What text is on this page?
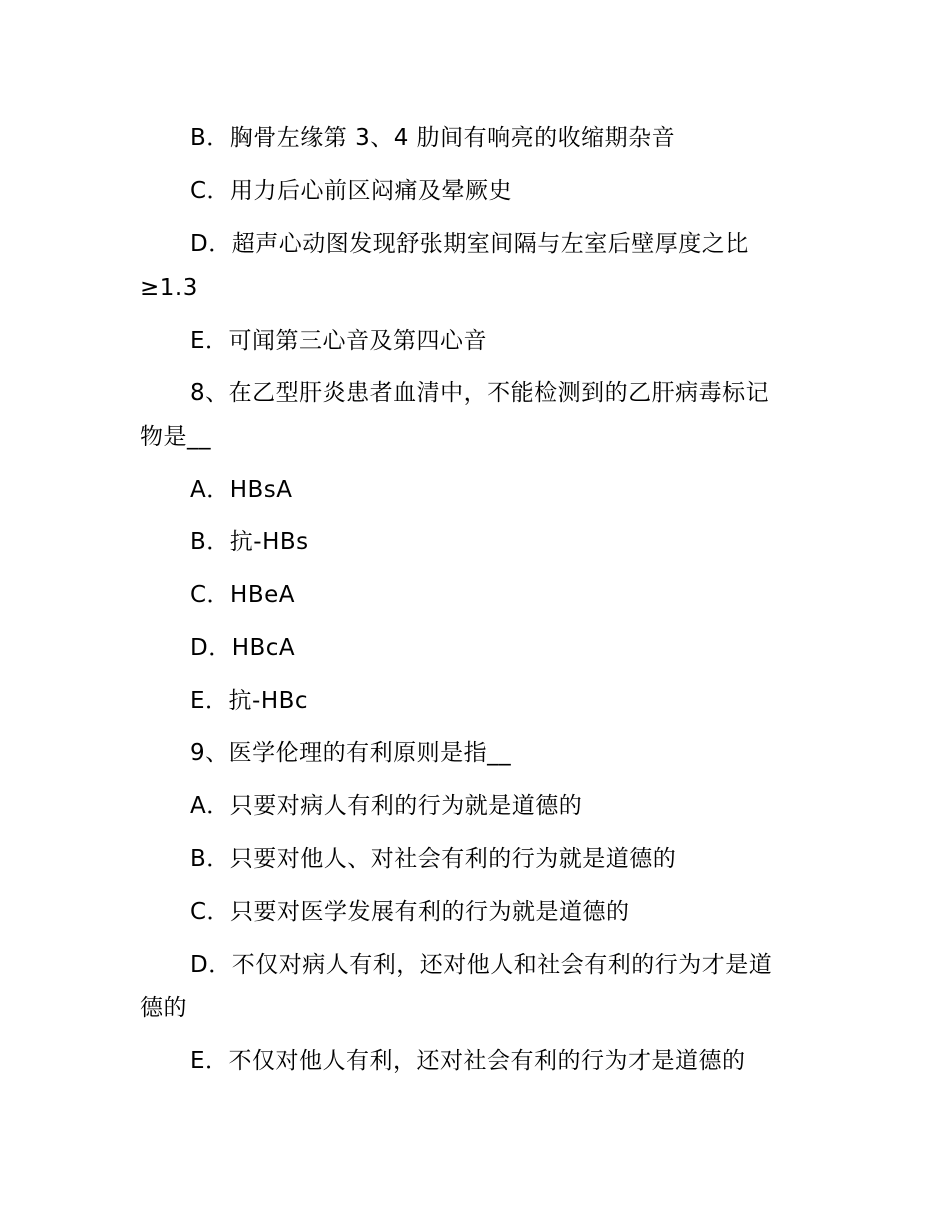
B．胸骨左缘第 3、4 肋间有响亮的收缩期杂音
C．用力后心前区闷痛及晕厥史
D．超声心动图发现舒张期室间隔与左室后壁厚度之比
≥1.3
E．可闻第三心音及第四心音
8、在乙型肝炎患者血清中，不能检测到的乙肝病毒标记
物是__
A．HBsA
B．抗-HBs
C．HBeA
D．HBcA
E．抗-HBc
9、医学伦理的有利原则是指__
A．只要对病人有利的行为就是道德的
B．只要对他人、对社会有利的行为就是道德的
C．只要对医学发展有利的行为就是道德的
D．不仅对病人有利，还对他人和社会有利的行为才是道
德的
E．不仅对他人有利，还对社会有利的行为才是道德的
